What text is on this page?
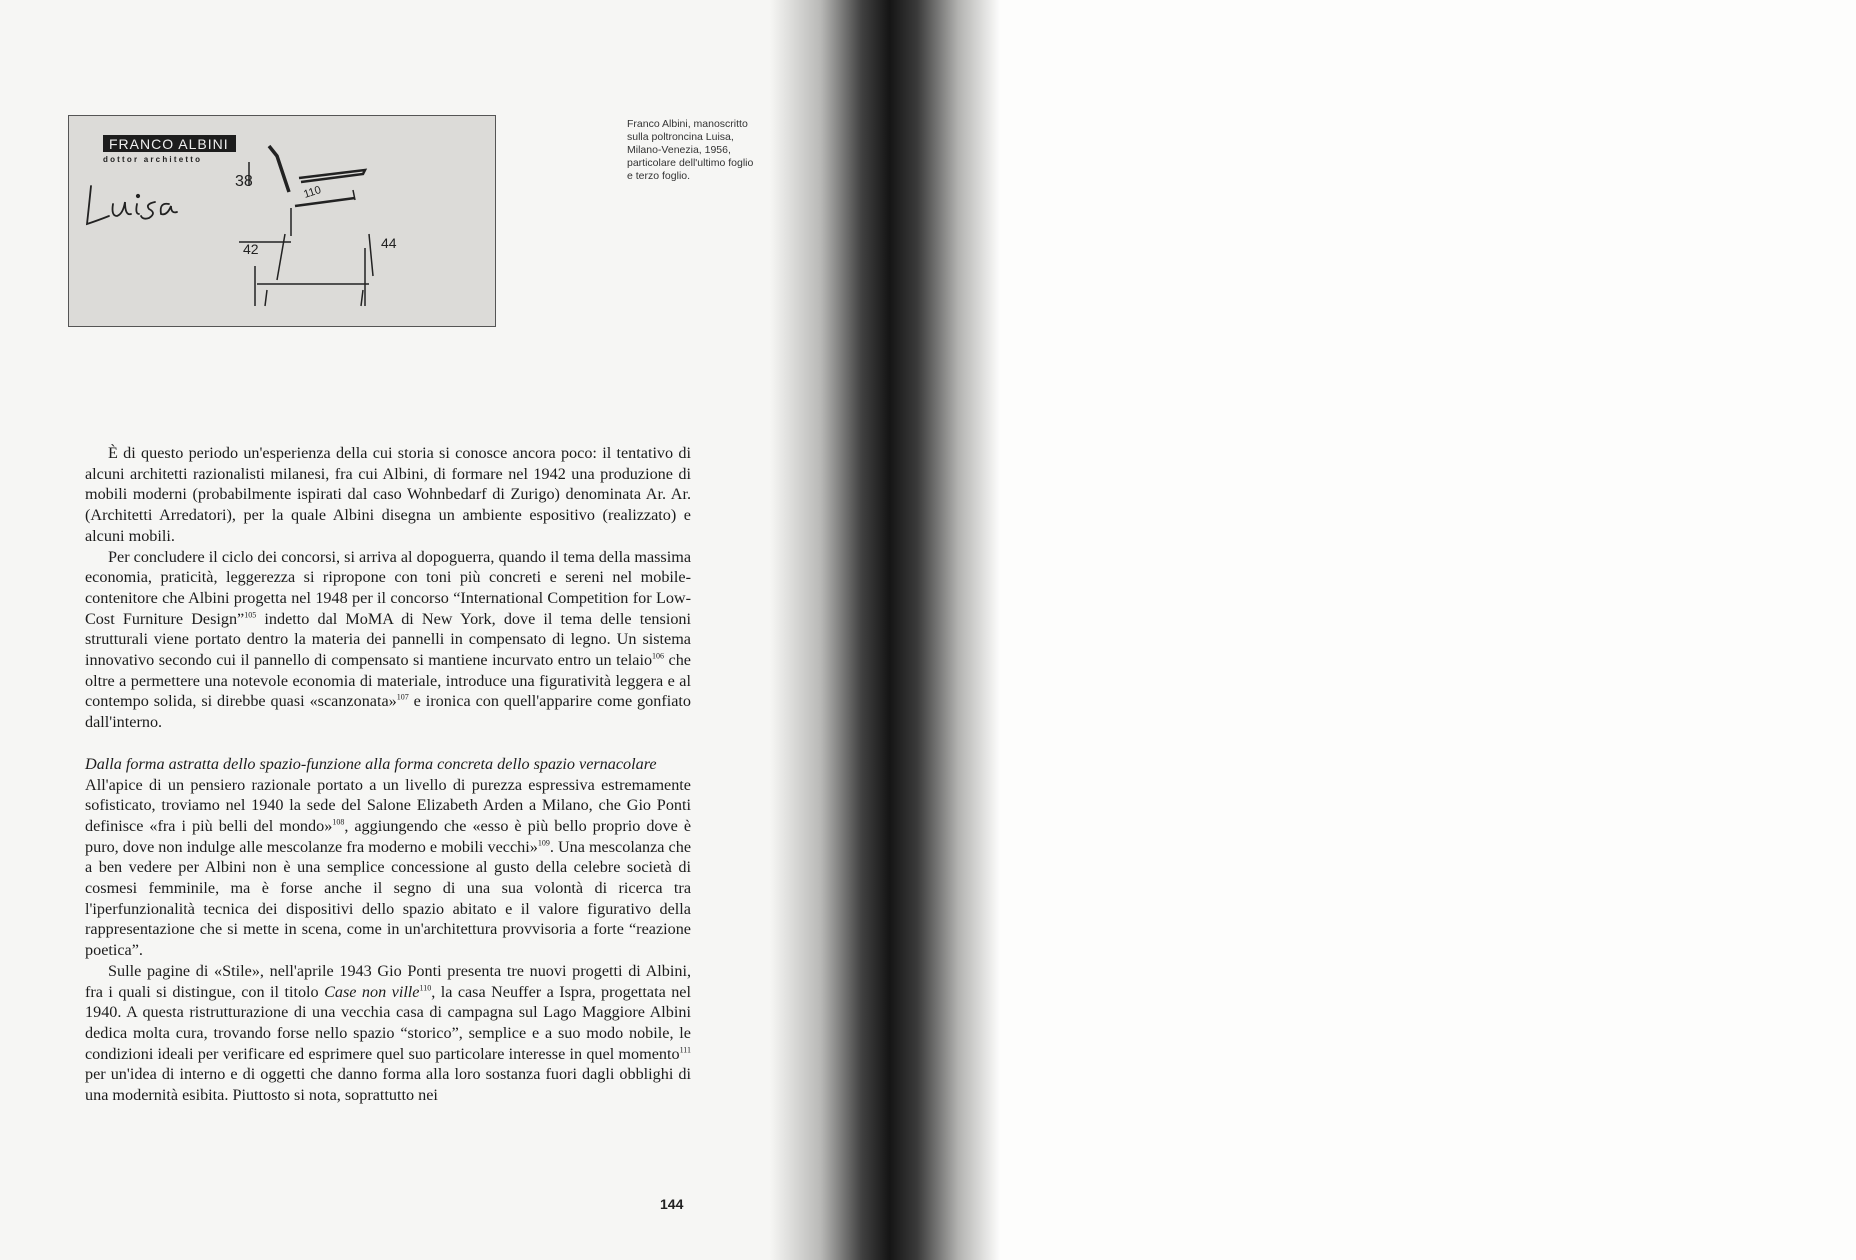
FRANCO ALBINI
dottor architetto
38
110
42	44
Franco Albini, manoscritto
sulla poltroncina Luisa,
Milano-Venezia, 1956,
particolare dell'ultimo foglio
e terzo foglio.

È di questo periodo un'esperienza della cui storia si conosce ancora poco: il tentativo di alcuni architetti razionalisti milanesi, fra cui Albini, di formare nel 1942 una produzione di mobili moderni (probabilmente ispirati dal caso Wohnbedarf di Zurigo) denominata Ar. Ar. (Architetti Arredatori), per la quale Albini disegna un ambiente espositivo (realizzato) e alcuni mobili.

Per concludere il ciclo dei concorsi, si arriva al dopoguerra, quando il tema della massima economia, praticità, leggerezza si ripropone con toni più concreti e sereni nel mobile-contenitore che Albini progetta nel 1948 per il concorso “International Competition for Low-Cost Furniture Design”$^{105}$ indetto dal MoMA di New York, dove il tema delle tensioni strutturali viene portato dentro la materia dei pannelli in compensato di legno. Un sistema innovativo secondo cui il pannello di compensato si mantiene incurvato entro un telaio$^{106}$ che oltre a permettere una notevole economia di materiale, introduce una figuratività leggera e al contempo solida, si direbbe quasi «scanzonata»$^{107}$ e ironica con quell'apparire come gonfiato dall'interno.

Dalla forma astratta dello spazio-funzione alla forma concreta dello spazio vernacolare

All'apice di un pensiero razionale portato a un livello di purezza espressiva estremamente sofisticato, troviamo nel 1940 la sede del Salone Elizabeth Arden a Milano, che Gio Ponti definisce «fra i più belli del mondo»$^{108}$, aggiungendo che «esso è più bello proprio dove è puro, dove non indulge alle mescolanze fra moderno e mobili vecchi»$^{109}$. Una mescolanza che a ben vedere per Albini non è una semplice concessione al gusto della celebre società di cosmesi femminile, ma è forse anche il segno di una sua volontà di ricerca tra l'iperfunzionalità tecnica dei dispositivi dello spazio abitato e il valore figurativo della rappresentazione che si mette in scena, come in un'architettura provvisoria a forte “reazione poetica”.

Sulle pagine di «Stile», nell'aprile 1943 Gio Ponti presenta tre nuovi progetti di Albini, fra i quali si distingue, con il titolo Case non ville$^{110}$, la casa Neuffer a Ispra, progettata nel 1940. A questa ristrutturazione di una vecchia casa di campagna sul Lago Maggiore Albini dedica molta cura, trovando forse nello spazio “storico”, semplice e a suo modo nobile, le condizioni ideali per verificare ed esprimere quel suo particolare interesse in quel momento$^{111}$ per un'idea di interno e di oggetti che danno forma alla loro sostanza fuori dagli obblighi di una modernità esibita. Piuttosto si nota, soprattutto nei

144
